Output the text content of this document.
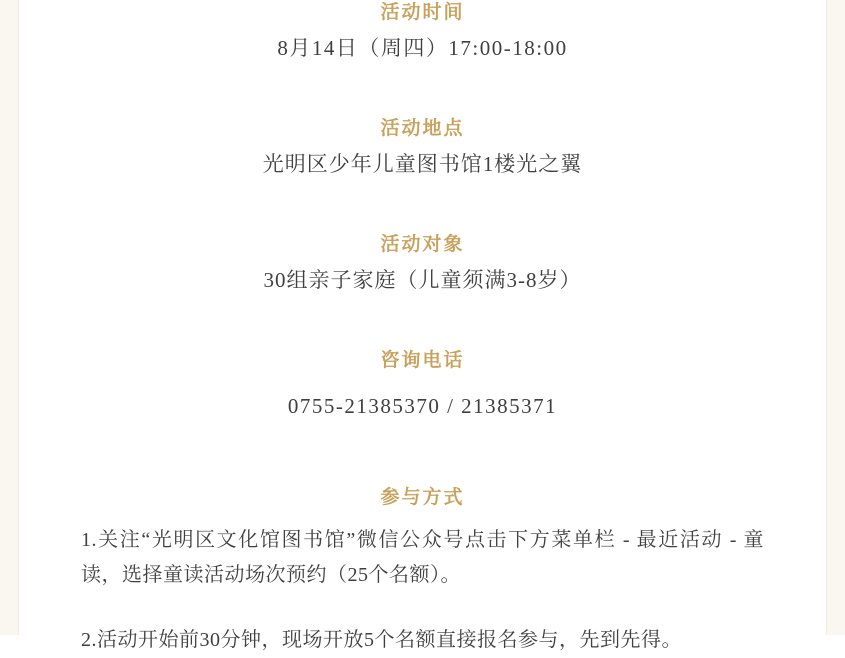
活动时间
8月14日（周四）17:00-18:00
活动地点
光明区少年儿童图书馆1楼光之翼
活动对象
30组亲子家庭（儿童须满3-8岁）
咨询电话
0755-21385370 / 21385371
参与方式
1.关注“光明区文化馆图书馆”微信公众号点击下方菜单栏 - 最近活动 - 童读，选择童读活动场次预约（25个名额）。
2.活动开始前30分钟，现场开放5个名额直接报名参与，先到先得。
